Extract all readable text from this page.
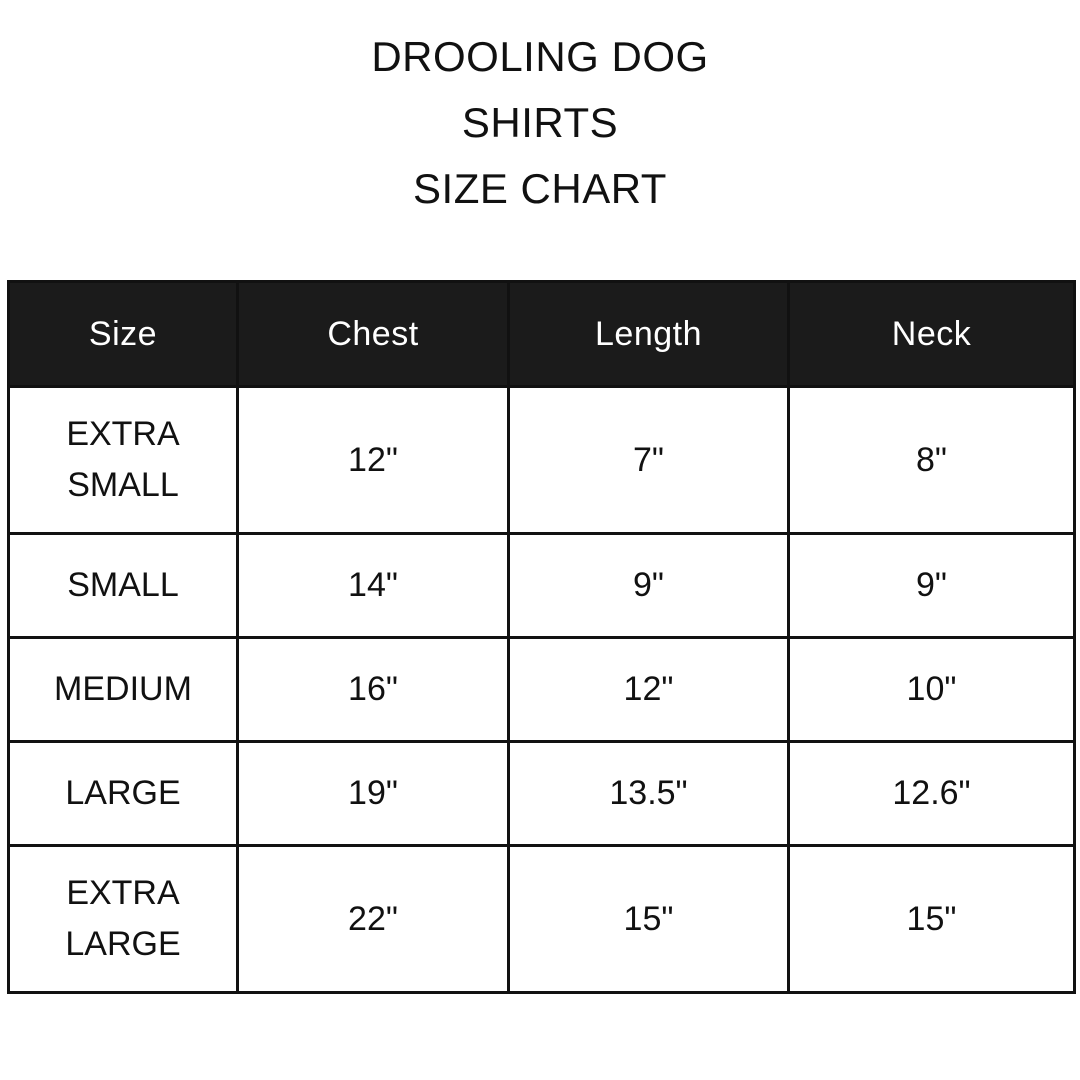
DROOLING DOG
SHIRTS
SIZE CHART
Size	Chest	Length	Neck

EXTRA
SMALL	12"	7"	8"

SMALL	14"	9"	9"

MEDIUM	16"	12"	10"

LARGE	19"	13.5"	12.6"

EXTRA
LARGE	22"	15"	15"
